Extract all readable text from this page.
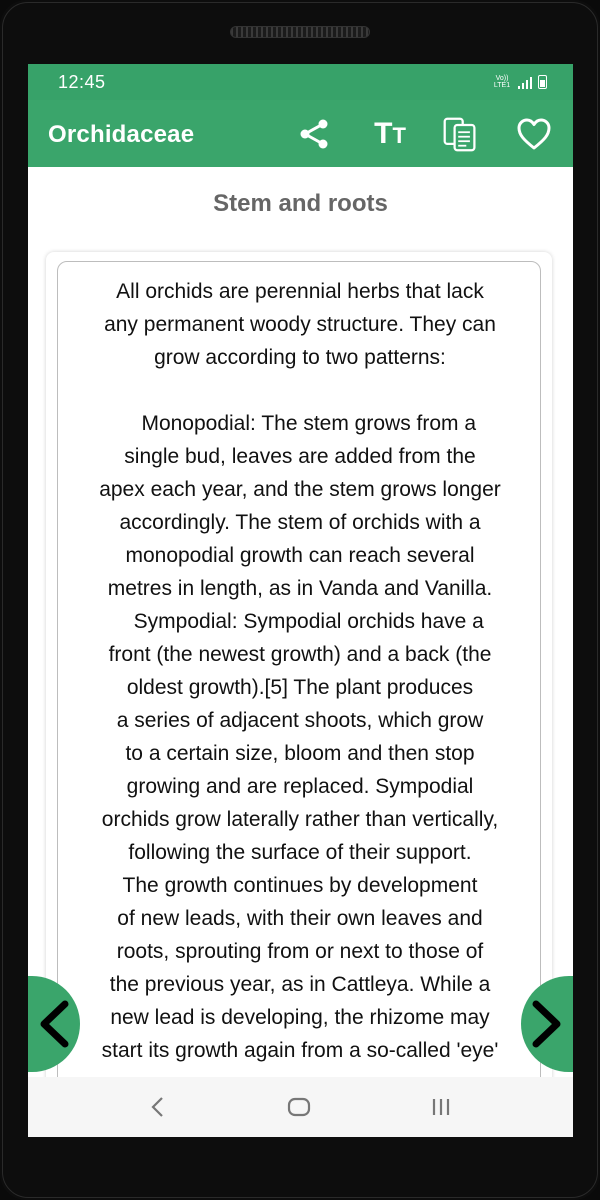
12:45	Vo))
LTE1
Orchidaceae	TT
Stem and roots

All orchids are perennial herbs that lack
any permanent woody structure. They can
grow according to two patterns:

Monopodial: The stem grows from a
single bud, leaves are added from the
apex each year, and the stem grows longer
accordingly. The stem of orchids with a
monopodial growth can reach several
metres in length, as in Vanda and Vanilla.
Sympodial: Sympodial orchids have a
front (the newest growth) and a back (the
oldest growth).[5] The plant produces
a series of adjacent shoots, which grow
to a certain size, bloom and then stop
growing and are replaced. Sympodial
orchids grow laterally rather than vertically,
following the surface of their support.
The growth continues by development
of new leads, with their own leaves and
roots, sprouting from or next to those of
the previous year, as in Cattleya. While a
new lead is developing, the rhizome may
start its growth again from a so-called 'eye'
